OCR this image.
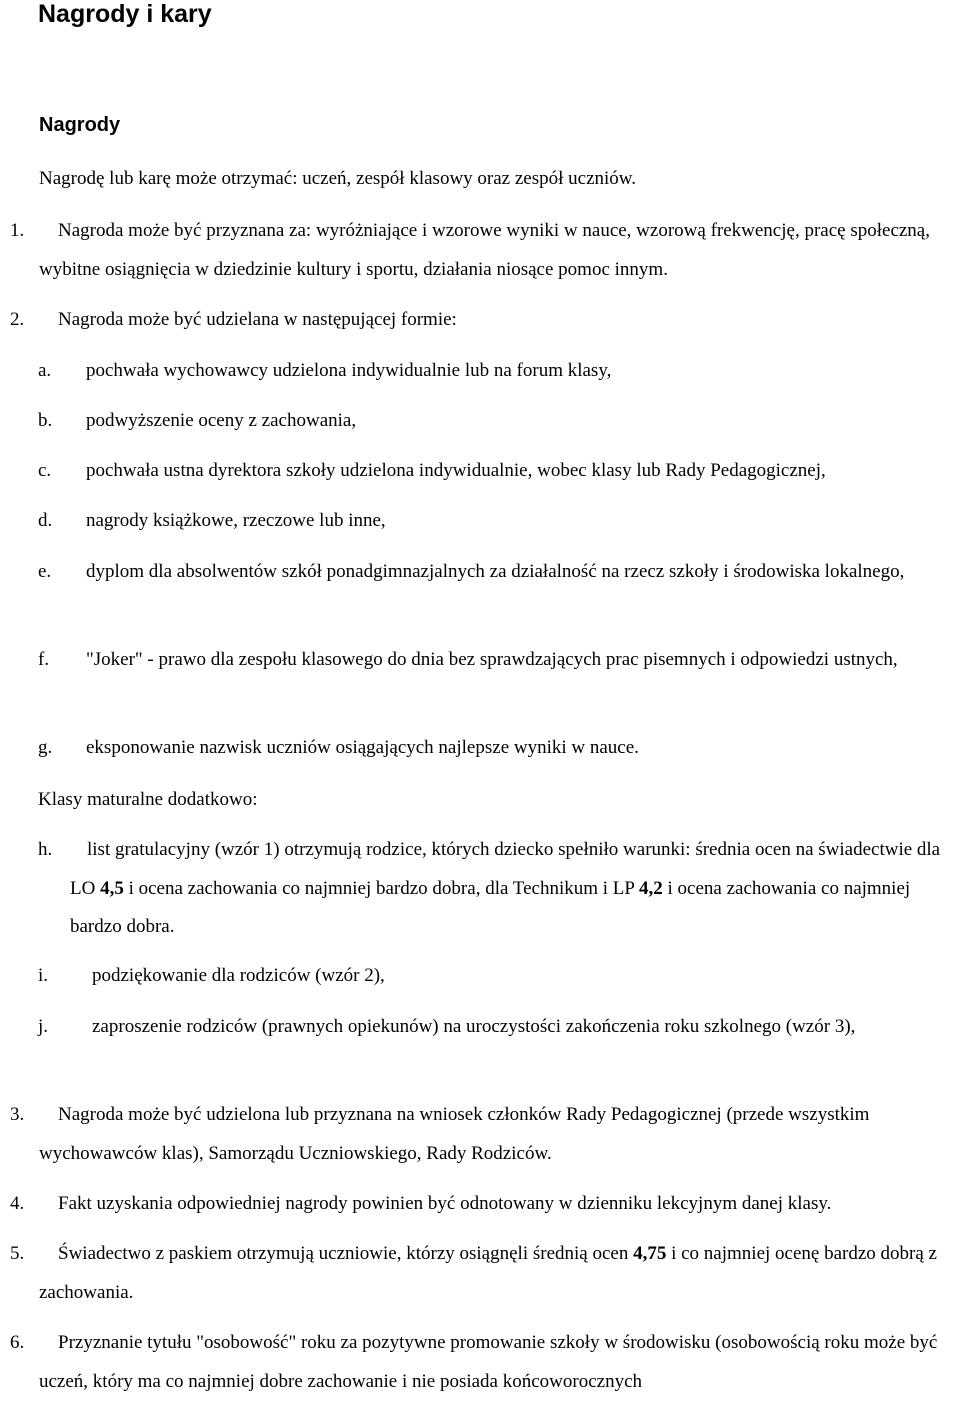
Nagrody i kary
Nagrody

Nagrodę lub karę może otrzymać: uczeń, zespół klasowy oraz zespół uczniów.

1.	Nagroda może być przyznana za: wyróżniające i wzorowe wyniki w nauce, wzorową frekwencję, pracę społeczną, wybitne osiągnięcia w dziedzinie kultury i sportu, działania niosące pomoc innym.

2. Nagroda może być udzielana w następującej formie:

a. pochwała wychowawcy udzielona indywidualnie lub na forum klasy,

b. podwyższenie oceny z zachowania,

c. pochwała ustna dyrektora szkoły udzielona indywidualnie, wobec klasy lub Rady Pedagogicznej,

d. nagrody książkowe, rzeczowe lub inne,

e.	dyplom dla absolwentów szkół ponadgimnazjalnych za działalność na rzecz szkoły i środowiska lokalnego,

f.	"Joker" - prawo dla zespołu klasowego do dnia bez sprawdzających prac pisemnych i odpowiedzi ustnych,

g. eksponowanie nazwisk uczniów osiągających najlepsze wyniki w nauce.

Klasy maturalne dodatkowo:

h.	list gratulacyjny (wzór 1) otrzymują rodzice, których dziecko spełniło warunki: średnia ocen na świadectwie dla LO 4,5 i ocena zachowania co najmniej bardzo dobra, dla Technikum i LP 4,2 i ocena zachowania co najmniej bardzo dobra.

i. podziękowanie dla rodziców (wzór 2),

j.	zaproszenie rodziców (prawnych opiekunów) na uroczystości zakończenia roku szkolnego (wzór 3),

3.	Nagroda może być udzielona lub przyznana na wniosek członków Rady Pedagogicznej (przede wszystkim wychowawców klas), Samorządu Uczniowskiego, Rady Rodziców.

4. Fakt uzyskania odpowiedniej nagrody powinien być odnotowany w dzienniku lekcyjnym danej klasy.

5.	Świadectwo z paskiem otrzymują uczniowie, którzy osiągnęli średnią ocen 4,75 i co najmniej ocenę bardzo dobrą z zachowania.

6.	Przyznanie tytułu "osobowość" roku za pozytywne promowanie szkoły w środowisku (osobowością roku może być uczeń, który ma co najmniej dobre zachowanie i nie posiada końcoworocznych
